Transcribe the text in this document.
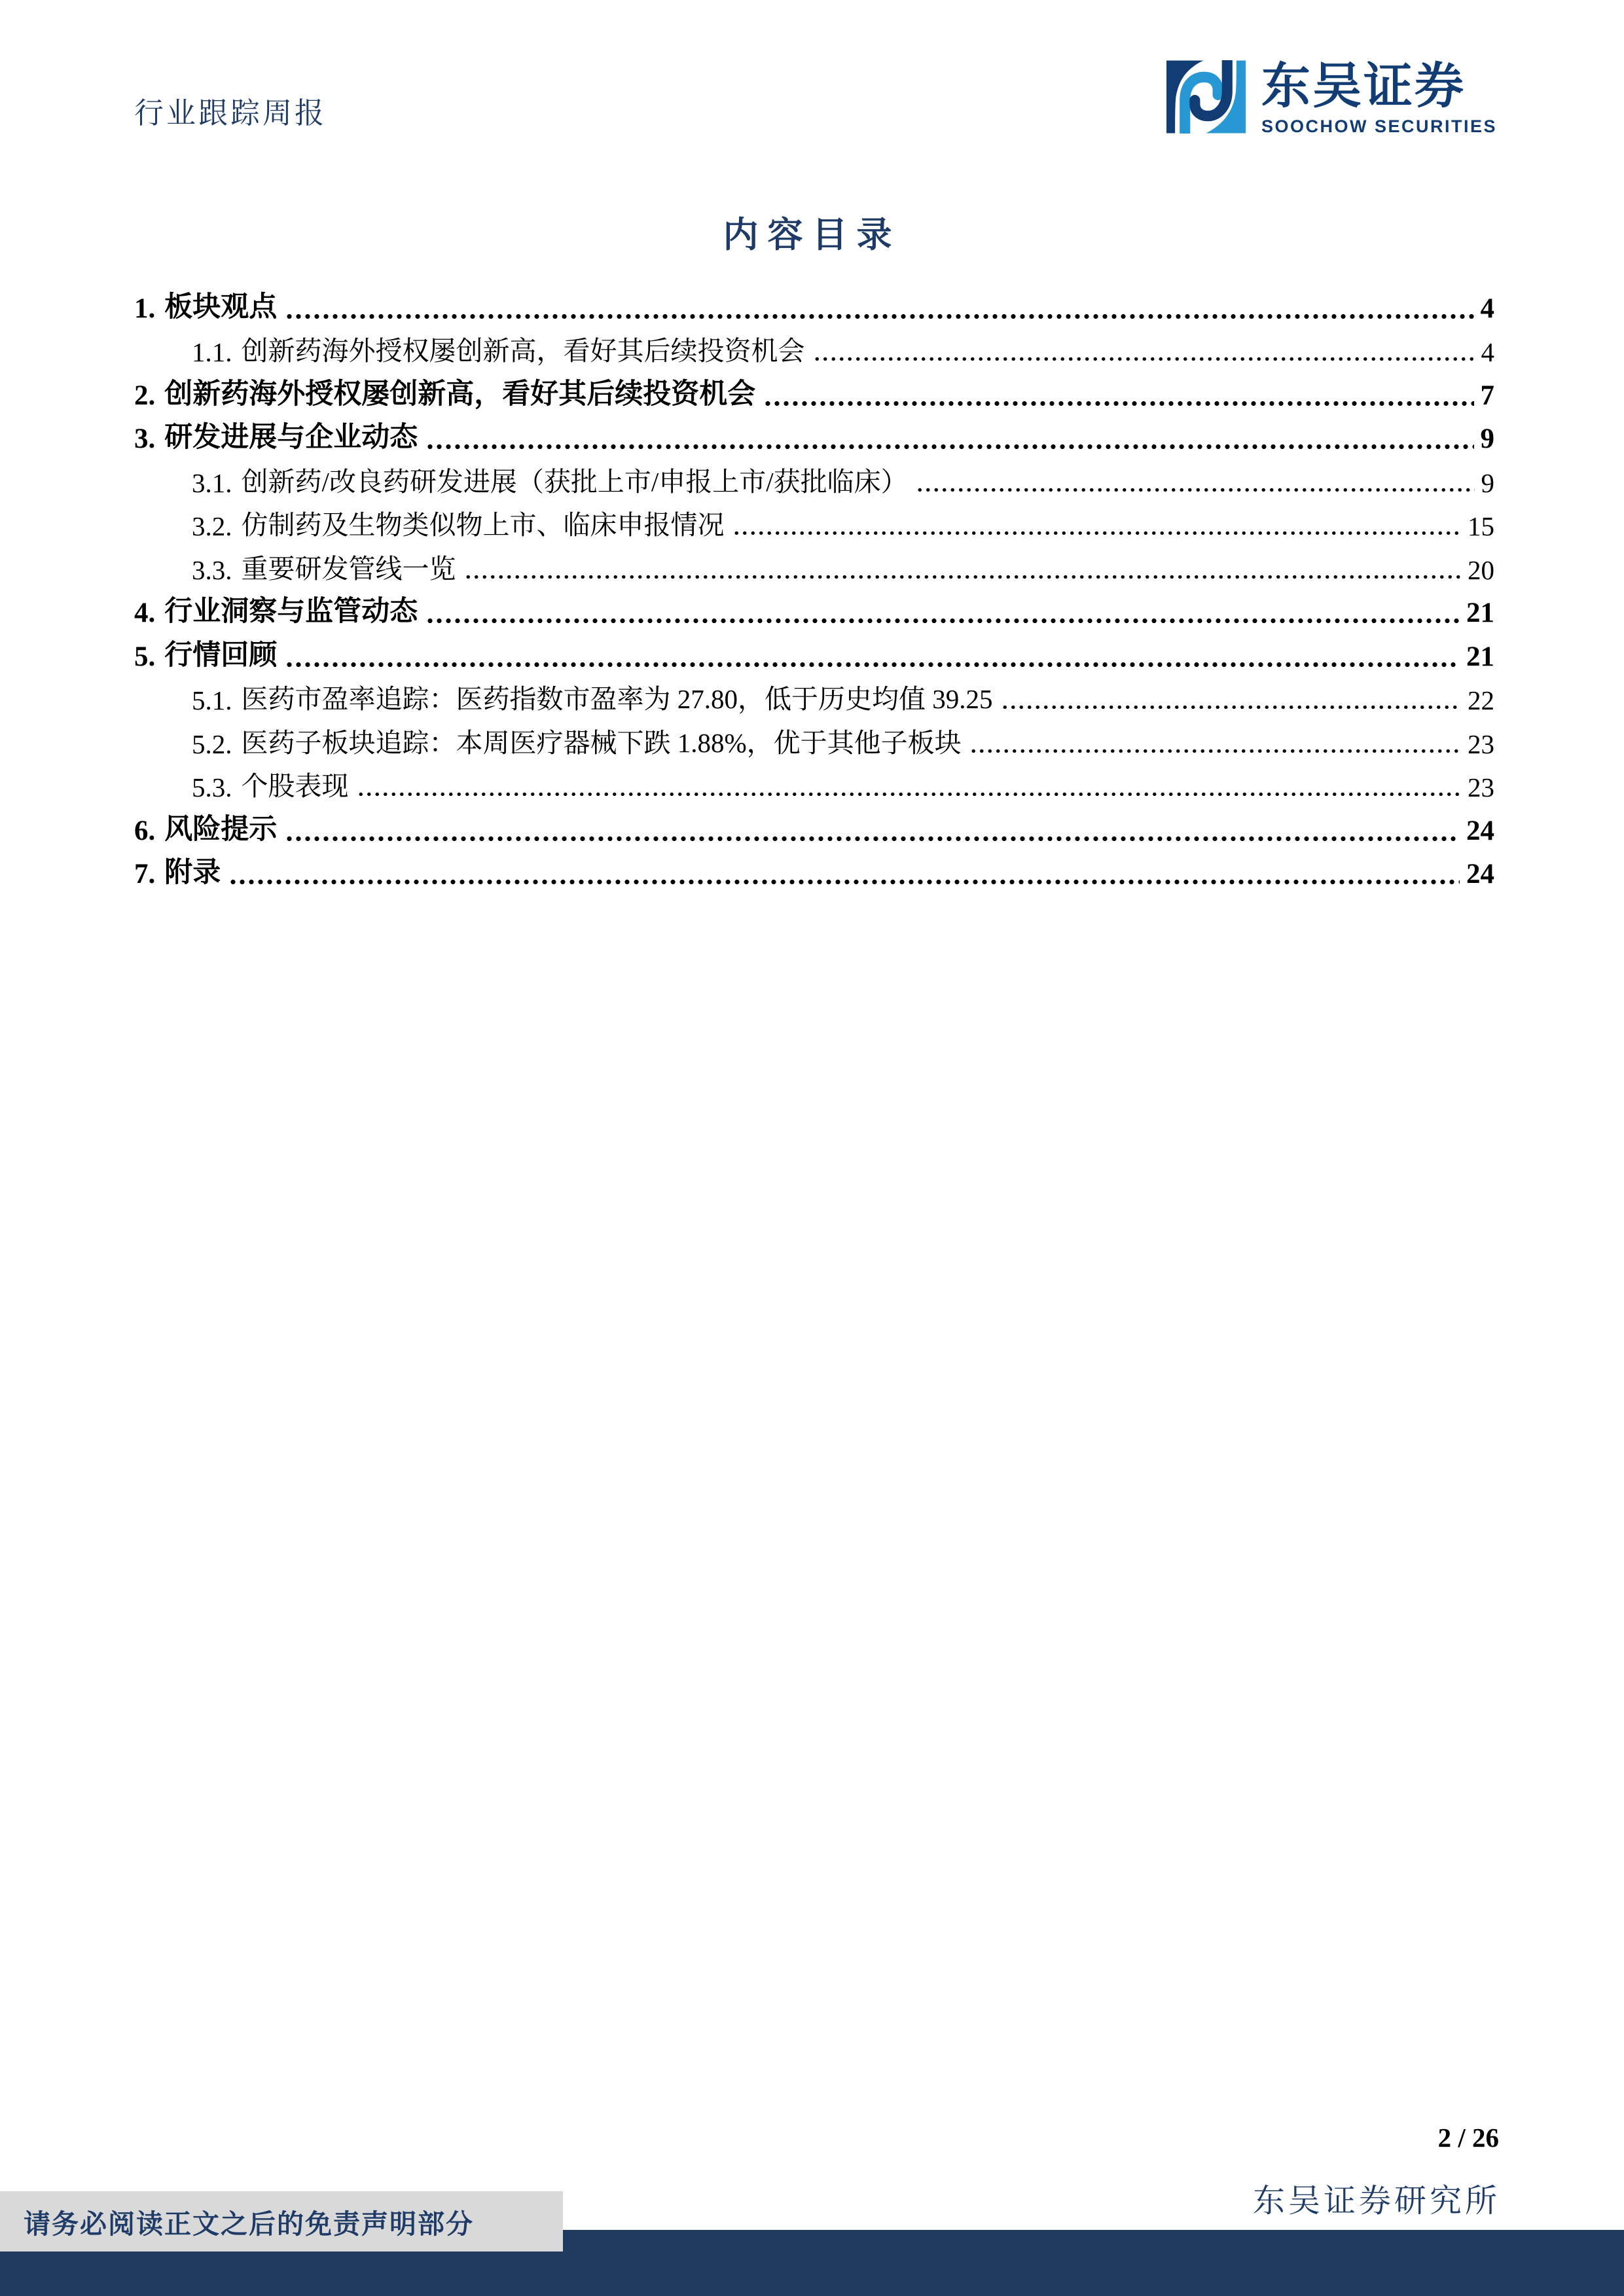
行业跟踪周报	东吴证券
SOOCHOW SECURITIES
内容目录
1. 板块观点	4
1.1. 创新药海外授权屡创新高，看好其后续投资机会	4
2. 创新药海外授权屡创新高，看好其后续投资机会	7
3. 研发进展与企业动态	9
3.1. 创新药/改良药研发进展（获批上市/申报上市/获批临床）	9
3.2. 仿制药及生物类似物上市、临床申报情况	15
3.3. 重要研发管线一览	20
4. 行业洞察与监管动态	21
5. 行情回顾	21
5.1. 医药市盈率追踪：医药指数市盈率为 27.80，低于历史均值 39.25	22
5.2. 医药子板块追踪：本周医疗器械下跌 1.88%，优于其他子板块	23
5.3. 个股表现	23
6. 风险提示	24
7. 附录	24
2 / 26
东吴证券研究所
请务必阅读正文之后的免责声明部分
